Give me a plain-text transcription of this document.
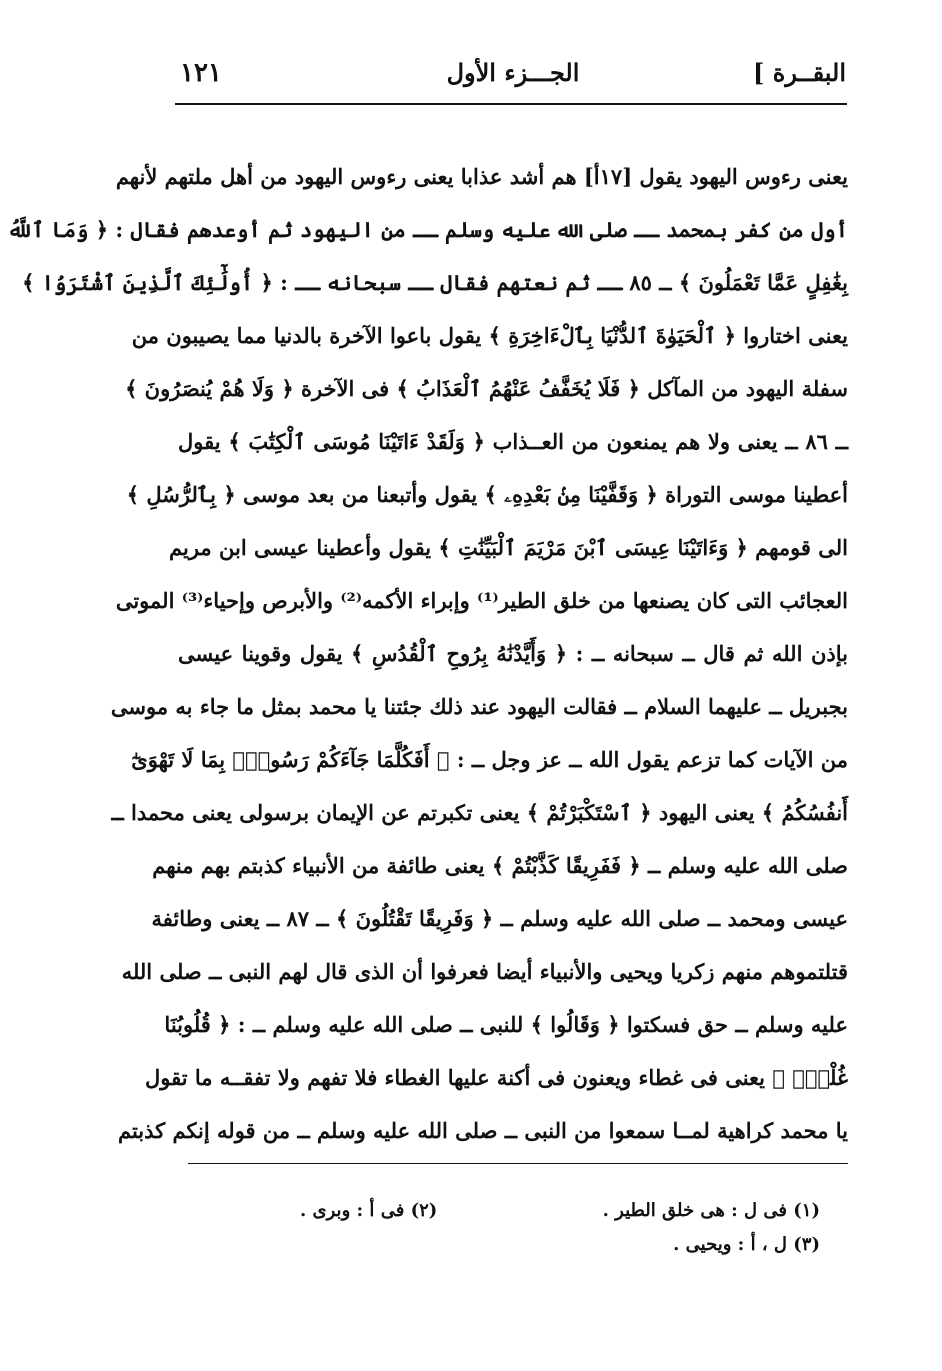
البقــرة ]
الجـــزء الأول
١٢١
يعنى رءوس اليهود يقول [١٧أ] هم أشد عذابا يعنى رءوس اليهود من أهل ملتهم لأنهم
أول من كفر بمحمد ــ صلى الله عليه وسلم ــ من اليهود ثم أوعدهم فقال : ﴿ وَمَا ٱللَّهُ
بِغَٰفِلٍ عَمَّا تَعْمَلُونَ ﴾ ــ ٨٥ ــ ثم نعتهم فقال ــ سبحانه ــ : ﴿ أُولَٰٓئِكَ ٱلَّذِينَ ٱشْتَرَوُا ﴾
يعنى اختاروا ﴿ ٱلْحَيَوٰةَ ٱلدُّنْيَا بِٱلْءَاخِرَةِ ﴾ يقول باعوا الآخرة بالدنيا مما يصيبون من
سفلة اليهود من المآكل ﴿ فَلَا يُخَفَّفُ عَنْهُمُ ٱلْعَذَابُ ﴾ فى الآخرة ﴿ وَلَا هُمْ يُنصَرُونَ ﴾
ــ ٨٦ ــ يعنى ولا هم يمنعون من العــذاب ﴿ وَلَقَدْ ءَاتَيْنَا مُوسَى ٱلْكِتَٰبَ ﴾ يقول
أعطينا موسى التوراة ﴿ وَقَفَّيْنَا مِنۢ بَعْدِهِۦ ﴾ يقول وأتبعنا من بعد موسى ﴿ بِٱلرُّسُلِ ﴾
الى قومهم ﴿ وَءَاتَيْنَا عِيسَى ٱبْنَ مَرْيَمَ ٱلْبَيِّنَٰتِ ﴾ يقول وأعطينا عيسى ابن مريم
العجائب التى كان يصنعها من خلق الطير⁽¹⁾ وإبراء الأكمه⁽²⁾ والأبرص وإحياء⁽³⁾ الموتى
بإذن الله ثم قال ــ سبحانه ــ : ﴿ وَأَيَّدْنَٰهُ بِرُوحِ ٱلْقُدُسِ ﴾ يقول وقوينا عيسى
بجبريل ــ عليهما السلام ــ فقالت اليهود عند ذلك جئتنا يا محمد بمثل ما جاء به موسى
من الآيات كما تزعم يقول الله ــ عز وجل ــ : ﴿ أَفَكُلَّمَا جَآءَكُمْ رَسُولٌۢ بِمَا لَا تَهْوَىٰٓ
أَنفُسُكُمُ ﴾ يعنى اليهود ﴿ ٱسْتَكْبَرْتُمْ ﴾ يعنى تكبرتم عن الإيمان برسولى يعنى محمدا ــ
صلى الله عليه وسلم ــ ﴿ فَفَرِيقًا كَذَّبْتُمْ ﴾ يعنى طائفة من الأنبياء كذبتم بهم منهم
عيسى ومحمد ــ صلى الله عليه وسلم ــ ﴿ وَفَرِيقًا تَقْتُلُونَ ﴾ ــ ٨٧ ــ يعنى وطائفة
قتلتموهم منهم زكريا ويحيى والأنبياء أيضا فعرفوا أن الذى قال لهم النبى ــ صلى الله
عليه وسلم ــ حق فسكتوا ﴿ وَقَالُوا ﴾ للنبى ــ صلى الله عليه وسلم ــ : ﴿ قُلُوبُنَا
غُلْفٌۢ ﴾ يعنى فى غطاء ويعنون فى أكنة عليها الغطاء فلا تفهم ولا تفقــه ما تقول
يا محمد كراهية لمــا سمعوا من النبى ــ صلى الله عليه وسلم ــ من قوله إنكم كذبتم
(١) فى ل : هى خلق الطير .
(٢) فى أ : وبرى .
(٣) ل ، أ : ويحيى .
